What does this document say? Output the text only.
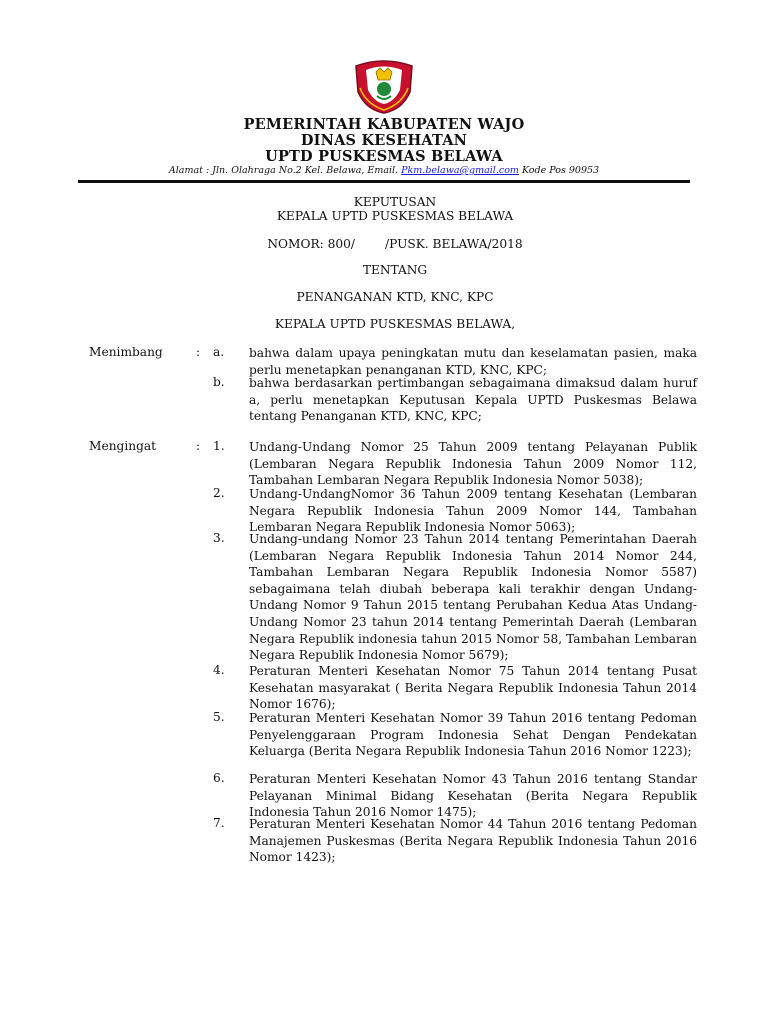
PEMERINTAH KABUPATEN WAJO
DINAS KESEHATAN
UPTD PUSKESMAS BELAWA
Alamat : Jln. Olahraga No.2 Kel. Belawa, Email. Pkm.belawa@gmail.com Kode Pos 90953
KEPUTUSAN
KEPALA UPTD PUSKESMAS BELAWA
NOMOR: 800/ /PUSK. BELAWA/2018
TENTANG
PENANGANAN KTD, KNC, KPC
KEPALA UPTD PUSKESMAS BELAWA,
Menimbang	: a. bahwa dalam upaya peningkatan mutu dan keselamatan pasien, maka perlu menetapkan penanganan KTD, KNC, KPC;
b. bahwa berdasarkan pertimbangan sebagaimana dimaksud dalam huruf a, perlu menetapkan Keputusan Kepala UPTD Puskesmas Belawa tentang Penanganan KTD, KNC, KPC;
Mengingat	: 1. Undang-Undang Nomor 25 Tahun 2009 tentang Pelayanan Publik (Lembaran Negara Republik Indonesia Tahun 2009 Nomor 112, Tambahan Lembaran Negara Republik Indonesia Nomor 5038);
2. Undang-UndangNomor 36 Tahun 2009 tentang Kesehatan (Lembaran Negara Republik Indonesia Tahun 2009 Nomor 144, Tambahan Lembaran Negara Republik Indonesia Nomor 5063);
3. Undang-undang Nomor 23 Tahun 2014 tentang Pemerintahan Daerah (Lembaran Negara Republik Indonesia Tahun 2014 Nomor 244, Tambahan Lembaran Negara Republik Indonesia Nomor 5587) sebagaimana telah diubah beberapa kali terakhir dengan Undang-Undang Nomor 9 Tahun 2015 tentang Perubahan Kedua Atas Undang-Undang Nomor 23 tahun 2014 tentang Pemerintah Daerah (Lembaran Negara Republik indonesia tahun 2015 Nomor 58, Tambahan Lembaran Negara Republik Indonesia Nomor 5679);
4. Peraturan Menteri Kesehatan Nomor 75 Tahun 2014 tentang Pusat Kesehatan masyarakat ( Berita Negara Republik Indonesia Tahun 2014 Nomor 1676);
5. Peraturan Menteri Kesehatan Nomor 39 Tahun 2016 tentang Pedoman Penyelenggaraan Program Indonesia Sehat Dengan Pendekatan Keluarga (Berita Negara Republik Indonesia Tahun 2016 Nomor 1223);
6. Peraturan Menteri Kesehatan Nomor 43 Tahun 2016 tentang Standar Pelayanan Minimal Bidang Kesehatan (Berita Negara Republik Indonesia Tahun 2016 Nomor 1475);
7. Peraturan Menteri Kesehatan Nomor 44 Tahun 2016 tentang Pedoman Manajemen Puskesmas (Berita Negara Republik Indonesia Tahun 2016 Nomor 1423);
